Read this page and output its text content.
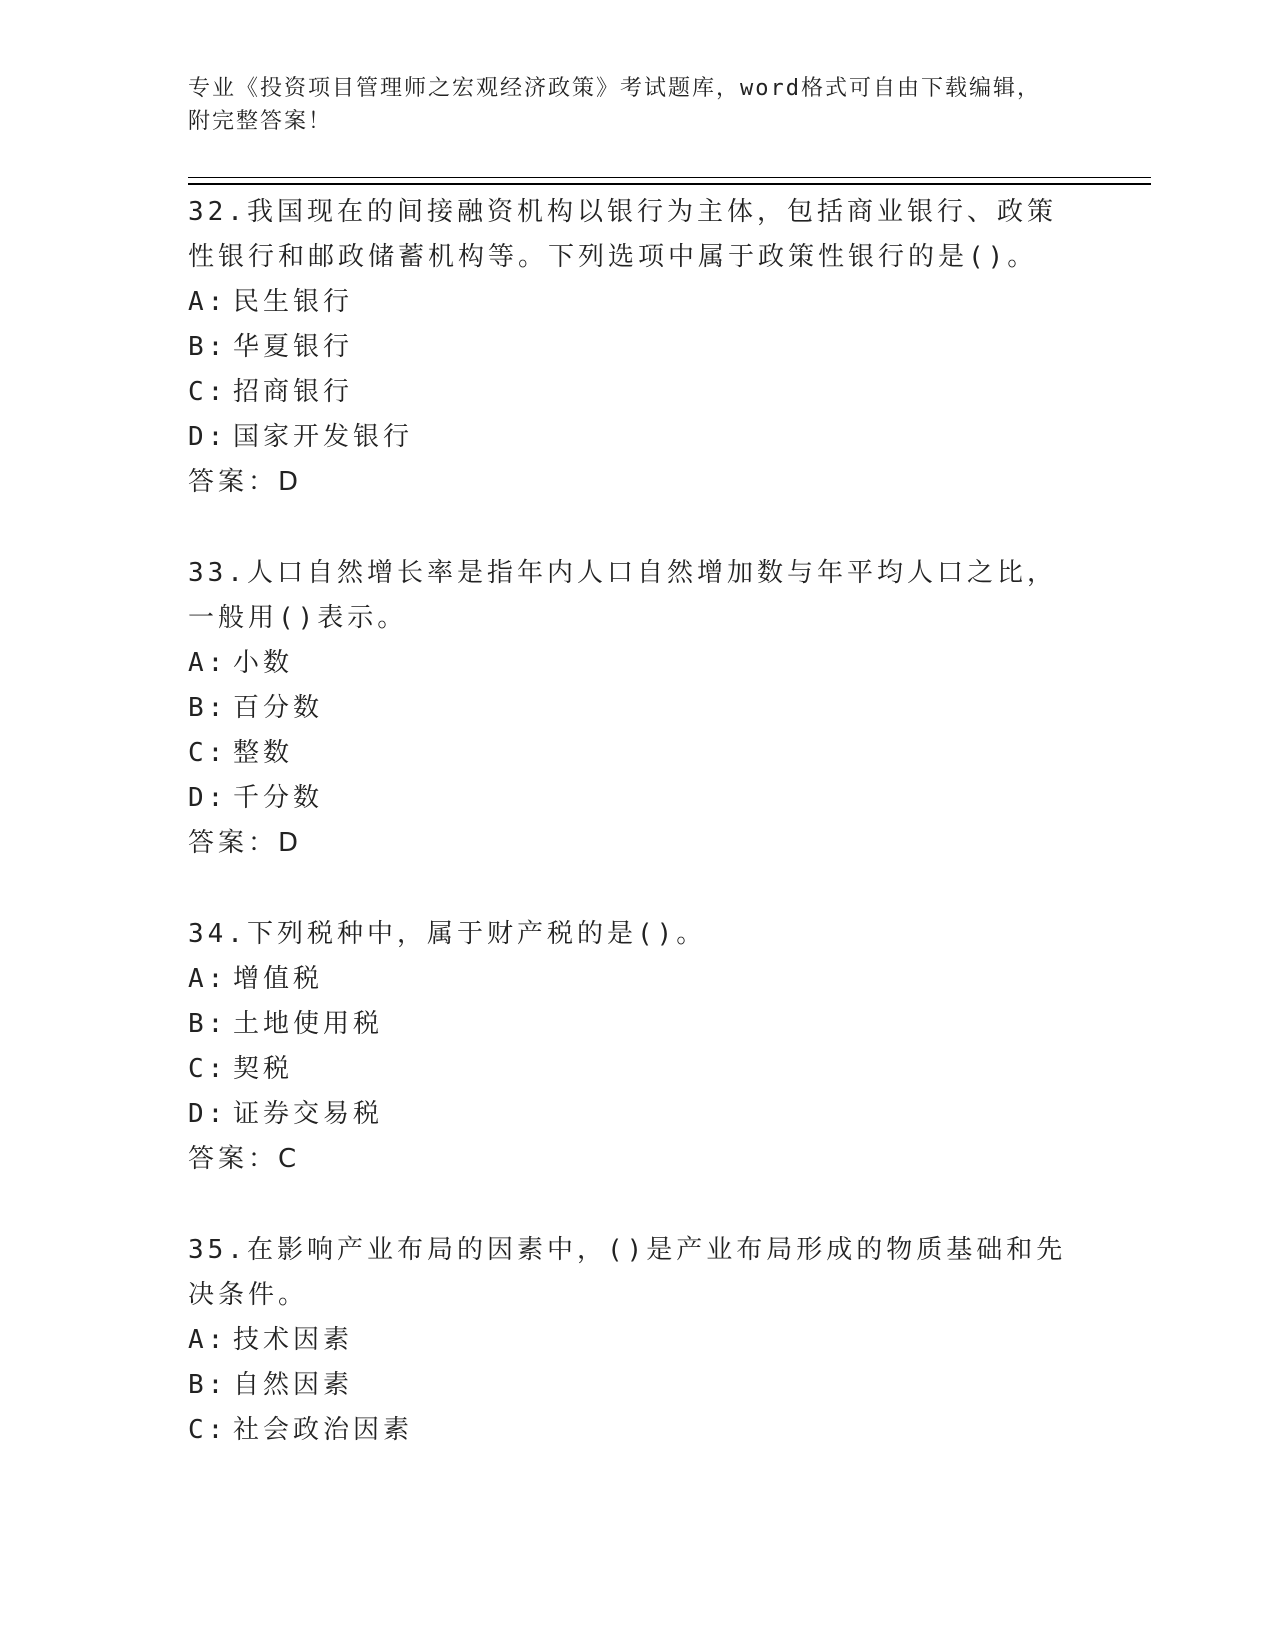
专业《投资项目管理师之宏观经济政策》考试题库，word格式可自由下载编辑，
附完整答案！

32.我国现在的间接融资机构以银行为主体，包括商业银行、政策性银行和邮政储蓄机构等。下列选项中属于政策性银行的是()。

A: 民生银行

B: 华夏银行

C: 招商银行

D: 国家开发银行

答案：D

33.人口自然增长率是指年内人口自然增加数与年平均人口之比，一般用()表示。

A: 小数

B: 百分数

C: 整数

D: 千分数

答案：D

34.下列税种中，属于财产税的是()。

A: 增值税

B: 土地使用税

C: 契税

D: 证券交易税

答案：C

35.在影响产业布局的因素中，()是产业布局形成的物质基础和先决条件。

A: 技术因素

B: 自然因素

C: 社会政治因素
